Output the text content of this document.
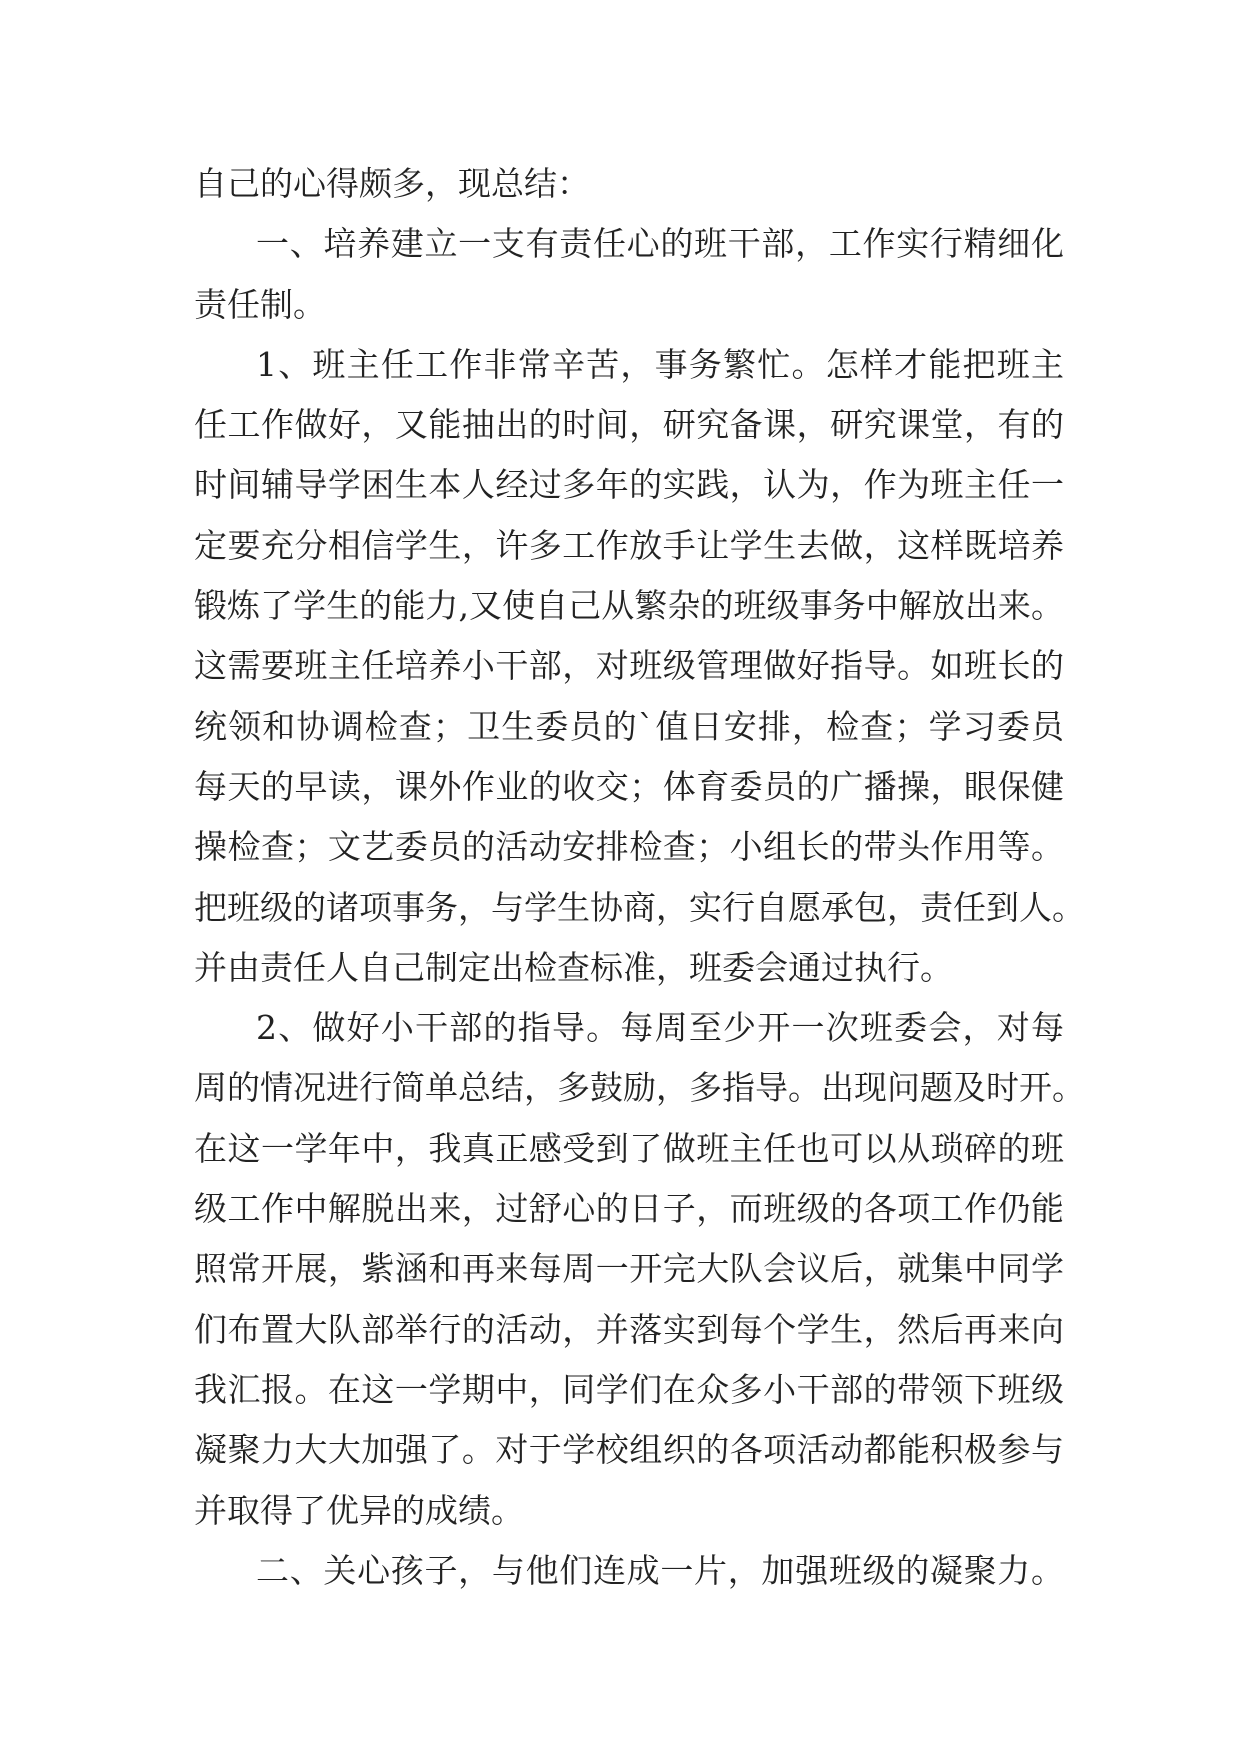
自己的心得颇多，现总结：
一、培养建立一支有责任心的班干部，工作实行精细化
责任制。
1、班主任工作非常辛苦，事务繁忙。怎样才能把班主
任工作做好，又能抽出的时间，研究备课，研究课堂，有的
时间辅导学困生本人经过多年的实践，认为，作为班主任一
定要充分相信学生，许多工作放手让学生去做，这样既培养
锻炼了学生的能力,又使自己从繁杂的班级事务中解放出来。
这需要班主任培养小干部，对班级管理做好指导。如班长的
统领和协调检查；卫生委员的`值日安排，检查；学习委员
每天的早读，课外作业的收交；体育委员的广播操，眼保健
操检查；文艺委员的活动安排检查；小组长的带头作用等。
把班级的诸项事务，与学生协商，实行自愿承包，责任到人。
并由责任人自己制定出检查标准，班委会通过执行。
2、做好小干部的指导。每周至少开一次班委会，对每
周的情况进行简单总结，多鼓励，多指导。出现问题及时开。
在这一学年中，我真正感受到了做班主任也可以从琐碎的班
级工作中解脱出来，过舒心的日子，而班级的各项工作仍能
照常开展，紫涵和再来每周一开完大队会议后，就集中同学
们布置大队部举行的活动，并落实到每个学生，然后再来向
我汇报。在这一学期中，同学们在众多小干部的带领下班级
凝聚力大大加强了。对于学校组织的各项活动都能积极参与
并取得了优异的成绩。
二、关心孩子，与他们连成一片，加强班级的凝聚力。
